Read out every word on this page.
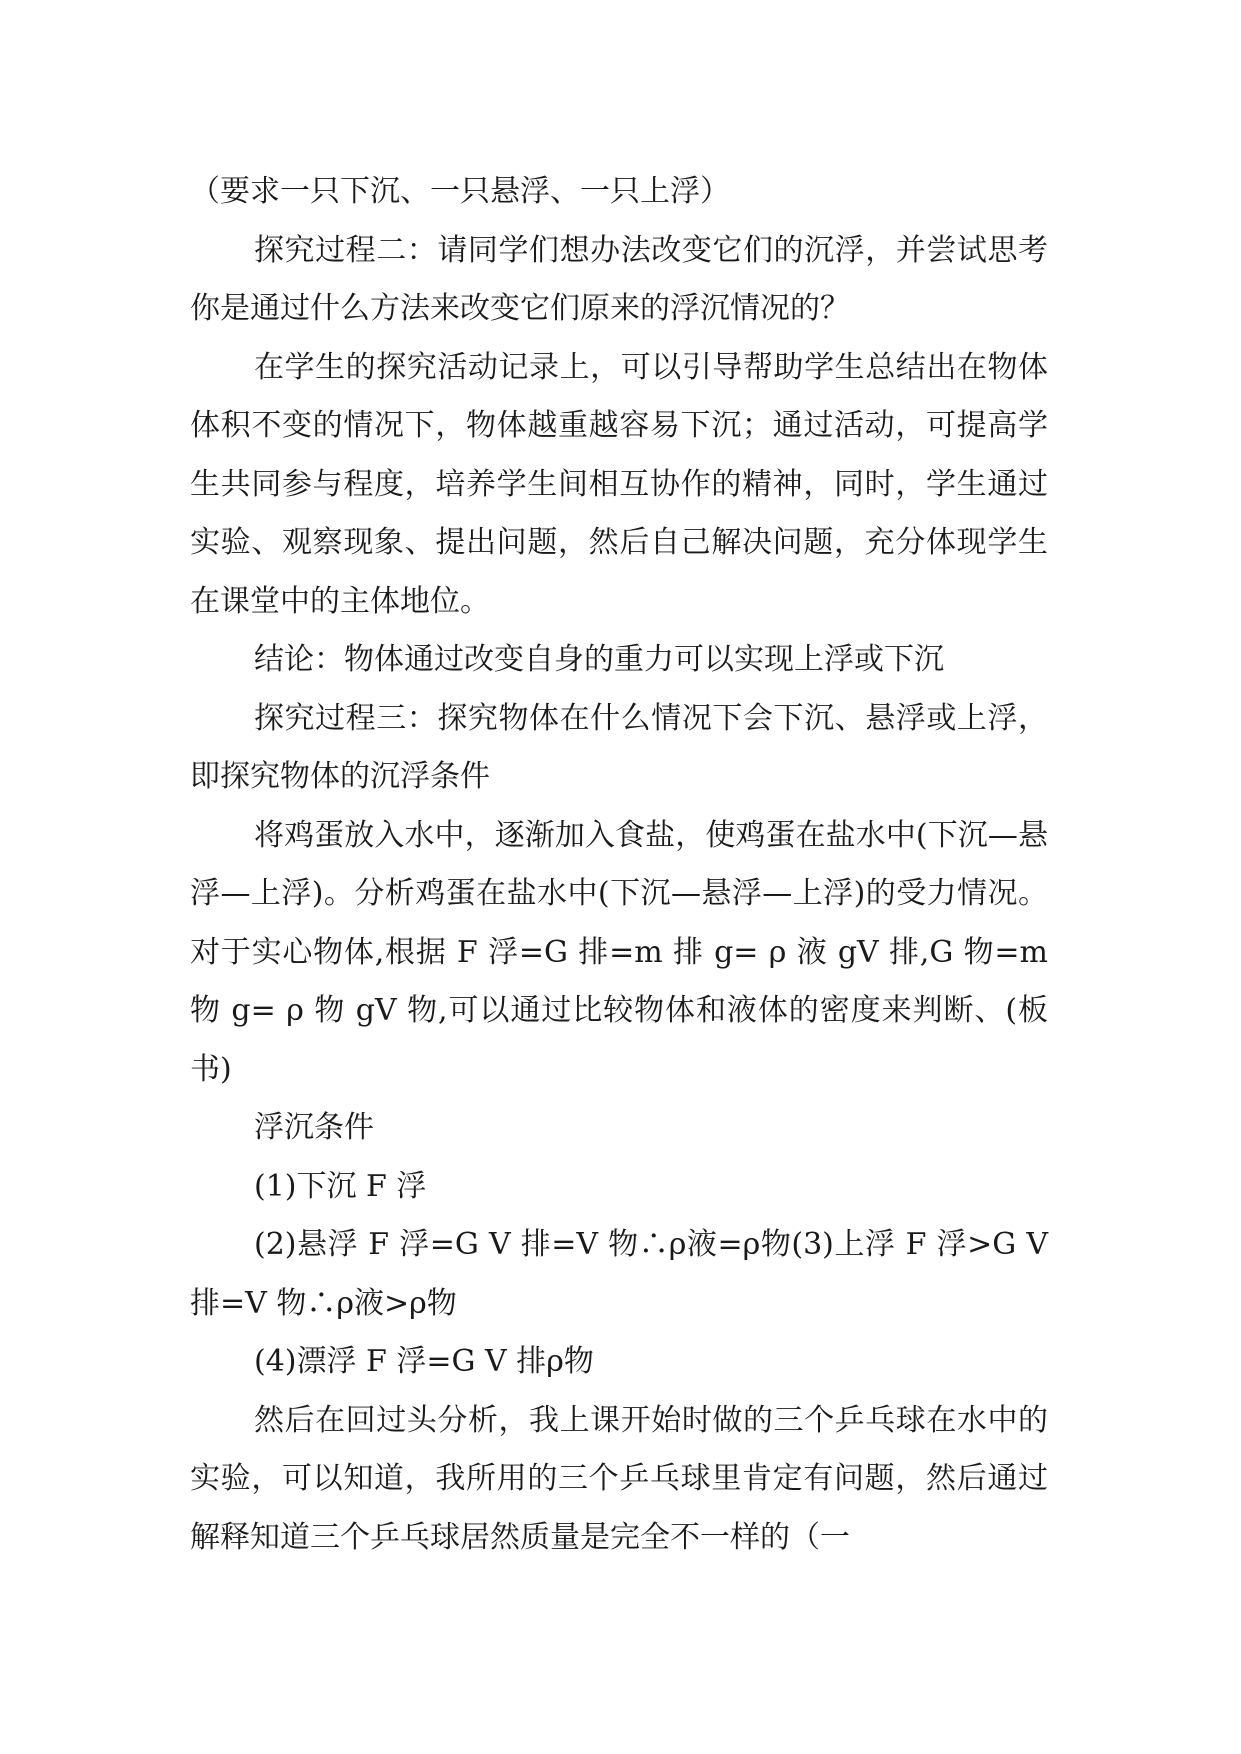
（要求一只下沉、一只悬浮、一只上浮）

探究过程二：请同学们想办法改变它们的沉浮，并尝试思考你是通过什么方法来改变它们原来的浮沉情况的？

在学生的探究活动记录上，可以引导帮助学生总结出在物体体积不变的情况下，物体越重越容易下沉；通过活动，可提高学生共同参与程度，培养学生间相互协作的精神，同时，学生通过实验、观察现象、提出问题，然后自己解决问题，充分体现学生在课堂中的主体地位。

结论：物体通过改变自身的重力可以实现上浮或下沉

探究过程三：探究物体在什么情况下会下沉、悬浮或上浮，即探究物体的沉浮条件

将鸡蛋放入水中，逐渐加入食盐，使鸡蛋在盐水中(下沉—悬浮—上浮)。分析鸡蛋在盐水中(下沉—悬浮—上浮)的受力情况。对于实心物体,根据 F 浮=G 排=m 排 g= ρ 液 gV 排,G 物=m 物 g= ρ 物 gV 物,可以通过比较物体和液体的密度来判断、(板书)

浮沉条件

(1)下沉 F 浮

(2)悬浮 F 浮=G V 排=V 物∴ρ液=ρ物(3)上浮 F 浮>G V 排=V 物∴ρ液>ρ物

(4)漂浮 F 浮=G V 排ρ物

然后在回过头分析，我上课开始时做的三个乒乓球在水中的实验，可以知道，我所用的三个乒乓球里肯定有问题，然后通过解释知道三个乒乓球居然质量是完全不一样的（一
